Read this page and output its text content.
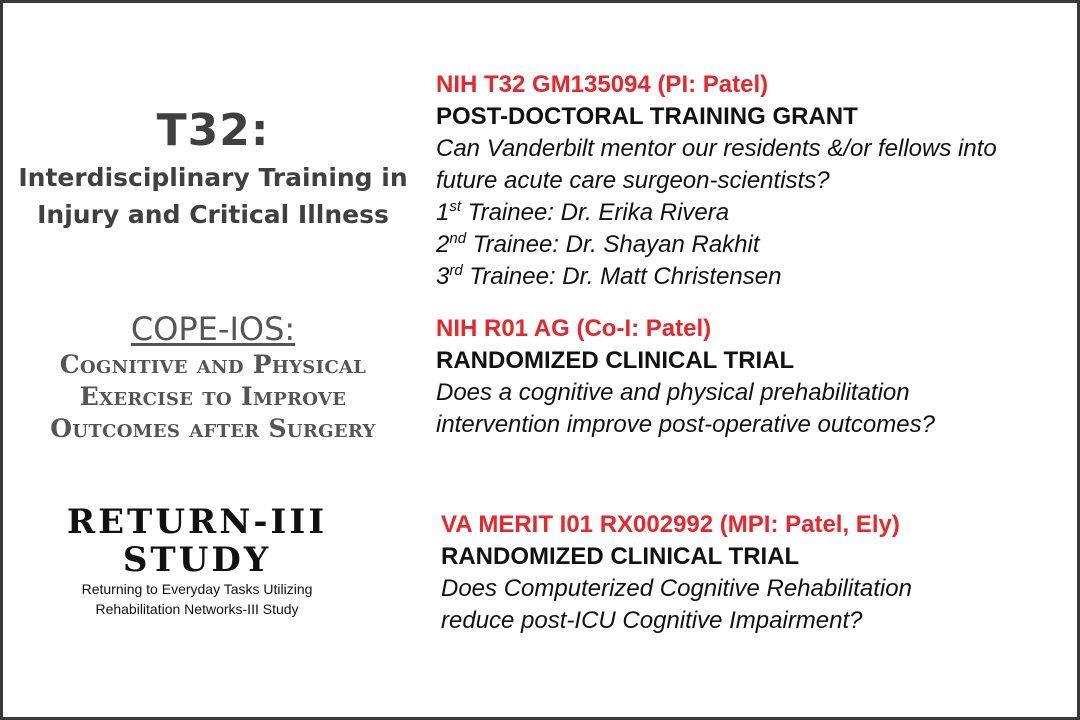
T32:
Interdisciplinary Training in
Injury and Critical Illness
NIH T32 GM135094 (PI: Patel)
POST-DOCTORAL TRAINING GRANT
Can Vanderbilt mentor our residents &/or fellows into
future acute care surgeon-scientists?
1st Trainee: Dr. Erika Rivera
2nd Trainee: Dr. Shayan Rakhit
3rd Trainee: Dr. Matt Christensen
COPE-IOS:
Cognitive and Physical
Exercise to Improve
Outcomes after Surgery
NIH R01 AG (Co-I: Patel)
RANDOMIZED CLINICAL TRIAL
Does a cognitive and physical prehabilitation
intervention improve post-operative outcomes?
RETURN-III
STUDY
Returning to Everyday Tasks Utilizing
Rehabilitation Networks-III Study
VA MERIT I01 RX002992 (MPI: Patel, Ely)
RANDOMIZED CLINICAL TRIAL
Does Computerized Cognitive Rehabilitation
reduce post-ICU Cognitive Impairment?
